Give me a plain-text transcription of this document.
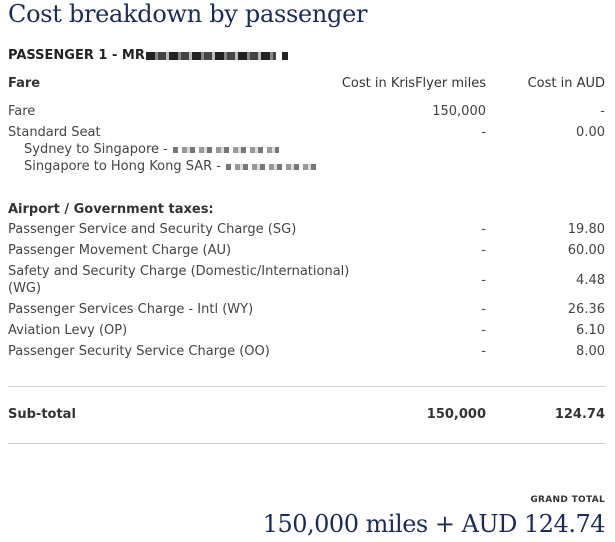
Cost breakdown by passenger
PASSENGER 1 - MR
Fare	Cost in KrisFlyer miles	Cost in AUD
Fare	150,000	-
Standard Seat	-	0.00
Sydney to Singapore -
Singapore to Hong Kong SAR -
Airport / Government taxes:
Passenger Service and Security Charge (SG)	-	19.80
Passenger Movement Charge (AU)	-	60.00
Safety and Security Charge (Domestic/International)
(WG)
-	4.48
Passenger Services Charge - Intl (WY)	-	26.36
Aviation Levy (OP)	-	6.10
Passenger Security Service Charge (OO)	-	8.00
Sub-total	150,000	124.74
GRAND TOTAL
150,000 miles + AUD 124.74
